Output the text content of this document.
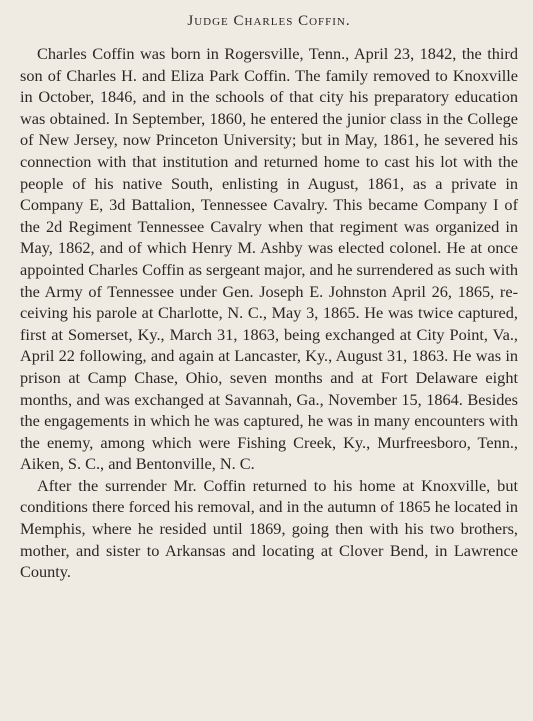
Judge Charles Coffin.

Charles Coffin was born in Rogersville, Tenn., April 23, 1842, the third son of Charles H. and Eliza Park Coffin. The family removed to Knoxville in October, 1846, and in the schools of that city his preparatory education was obtained. In September, 1860, he entered the junior class in the College of New Jersey, now Princeton University; but in May, 1861, he severed his connection with that institution and returned home to cast his lot with the people of his native South, enlisting in August, 1861, as a private in Company E, 3d Battalion, Tennessee Cavalry. This became Company I of the 2d Regiment Tennessee Cavalry when that regiment was organized in May, 1862, and of which Henry M. Ashby was elected colonel. He at once appointed Charles Coffin as sergeant major, and he surrendered as such with the Army of Tennessee under Gen. Joseph E. Johnston April 26, 1865, receiving his parole at Charlotte, N. C., May 3, 1865. He was twice captured, first at Somerset, Ky., March 31, 1863, being exchanged at City Point, Va., April 22 following, and again at Lancaster, Ky., August 31, 1863. He was in prison at Camp Chase, Ohio, seven months and at Fort Delaware eight months, and was exchanged at Savannah, Ga., November 15, 1864. Besides the engagements in which he was captured, he was in many encounters with the enemy, among which were Fishing Creek, Ky., Murfreesboro, Tenn., Aiken, S. C., and Bentonville, N. C.

After the surrender Mr. Coffin returned to his home at Knoxville, but conditions there forced his removal, and in the autumn of 1865 he located in Memphis, where he resided until 1869, going then with his two brothers, mother, and sister to Arkansas and locating at Clover Bend, in Lawrence County.
